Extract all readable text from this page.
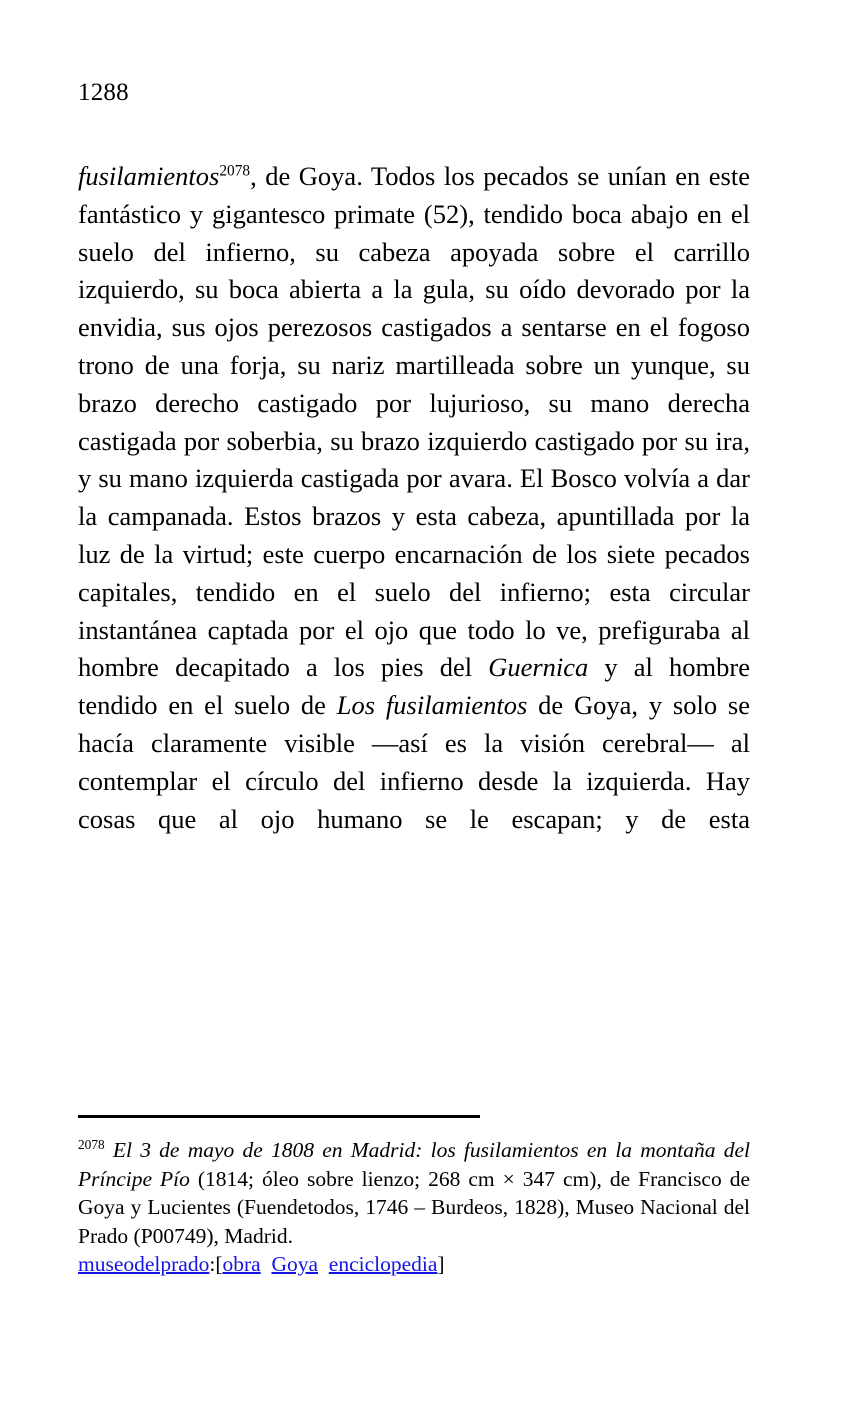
1288

fusilamientos$^{2078}$, de Goya. Todos los pecados se unían en este fantástico y gigantesco primate (52), tendido boca abajo en el suelo del infierno, su cabeza apoyada sobre el carrillo izquierdo, su boca abierta a la gula, su oído devorado por la envidia, sus ojos perezosos castigados a sentarse en el fogoso trono de una forja, su nariz martilleada sobre un yunque, su brazo derecho castigado por lujurioso, su mano derecha castigada por soberbia, su brazo izquierdo castigado por su ira, y su mano izquierda castigada por avara. El Bosco volvía a dar la campanada. Estos brazos y esta cabeza, apuntillada por la luz de la virtud; este cuerpo encarnación de los siete pecados capitales, tendido en el suelo del infierno; esta circular instantánea captada por el ojo que todo lo ve, prefiguraba al hombre decapitado a los pies del Guernica y al hombre tendido en el suelo de Los fusilamientos de Goya, y solo se hacía claramente visible —así es la visión cerebral— al contemplar el círculo del infierno desde la izquierda. Hay cosas que al ojo humano se le escapan; y de esta

$^{2078}$ El 3 de mayo de 1808 en Madrid: los fusilamientos en la montaña del Príncipe Pío (1814; óleo sobre lienzo; 268 cm × 347 cm), de Francisco de Goya y Lucientes (Fuendetodos, 1746 – Burdeos, 1828), Museo Nacional del Prado (P00749), Madrid.

museodelprado:[obra Goya enciclopedia]
